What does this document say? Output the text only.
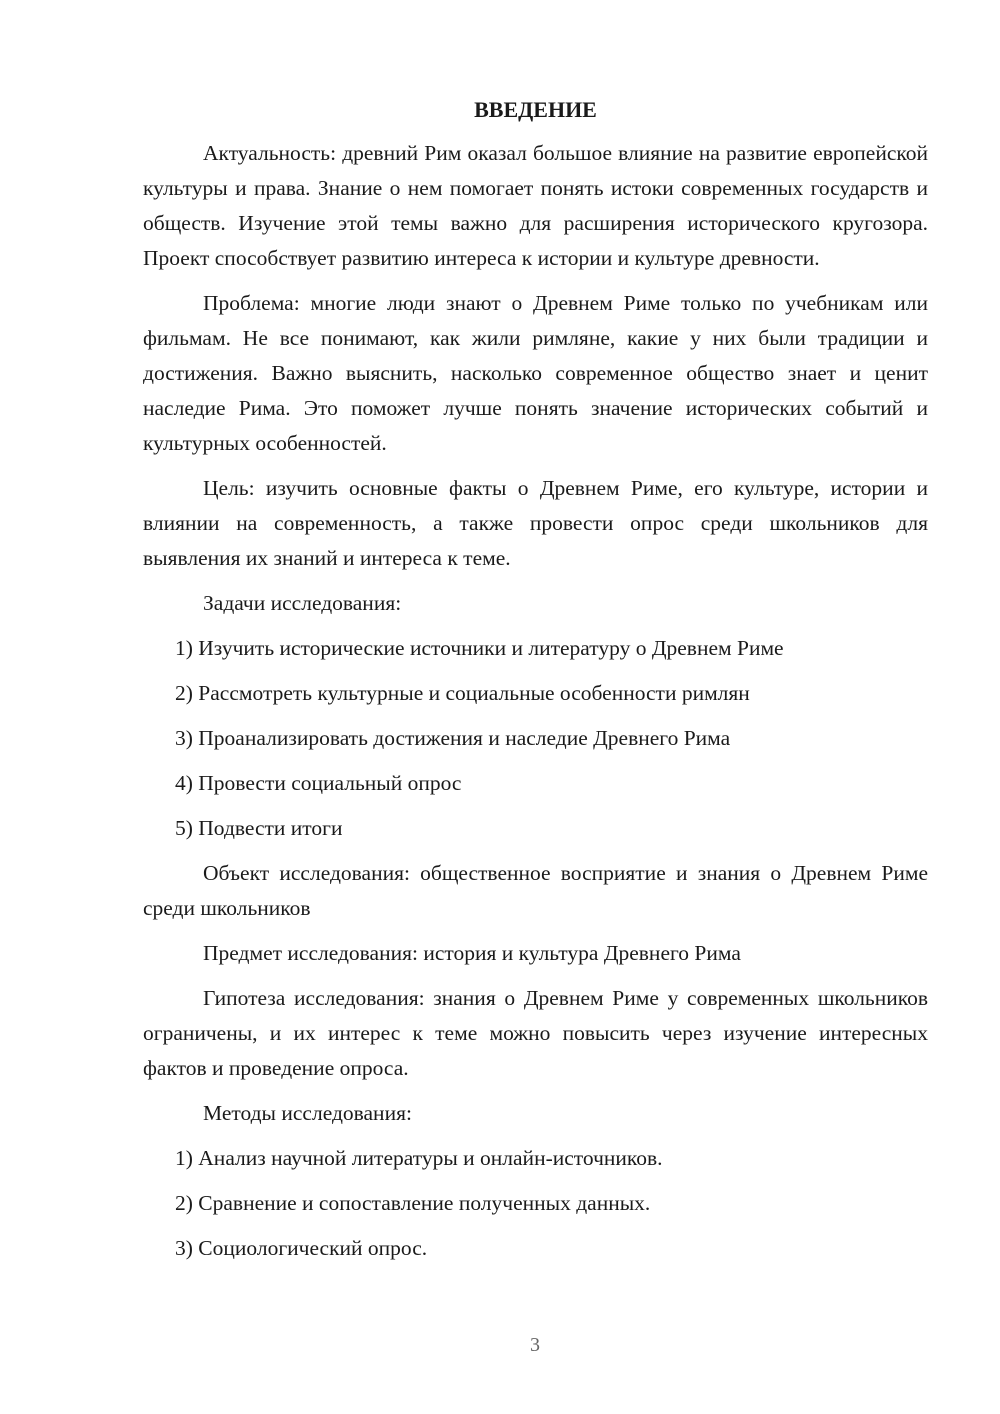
ВВЕДЕНИЕ

Актуальность: древний Рим оказал большое влияние на развитие европейской культуры и права. Знание о нем помогает понять истоки современных государств и обществ. Изучение этой темы важно для расширения исторического кругозора. Проект способствует развитию интереса к истории и культуре древности.

Проблема: многие люди знают о Древнем Риме только по учебникам или фильмам. Не все понимают, как жили римляне, какие у них были традиции и достижения. Важно выяснить, насколько современное общество знает и ценит наследие Рима. Это поможет лучше понять значение исторических событий и культурных особенностей.

Цель: изучить основные факты о Древнем Риме, его культуре, истории и влиянии на современность, а также провести опрос среди школьников для выявления их знаний и интереса к теме.

Задачи исследования:

1) Изучить исторические источники и литературу о Древнем Риме
2) Рассмотреть культурные и социальные особенности римлян
3) Проанализировать достижения и наследие Древнего Рима
4) Провести социальный опрос
5) Подвести итоги

Объект исследования: общественное восприятие и знания о Древнем Риме среди школьников

Предмет исследования: история и культура Древнего Рима

Гипотеза исследования: знания о Древнем Риме у современных школьников ограничены, и их интерес к теме можно повысить через изучение интересных фактов и проведение опроса.

Методы исследования:

1) Анализ научной литературы и онлайн-источников.
2) Сравнение и сопоставление полученных данных.
3) Социологический опрос.
3
